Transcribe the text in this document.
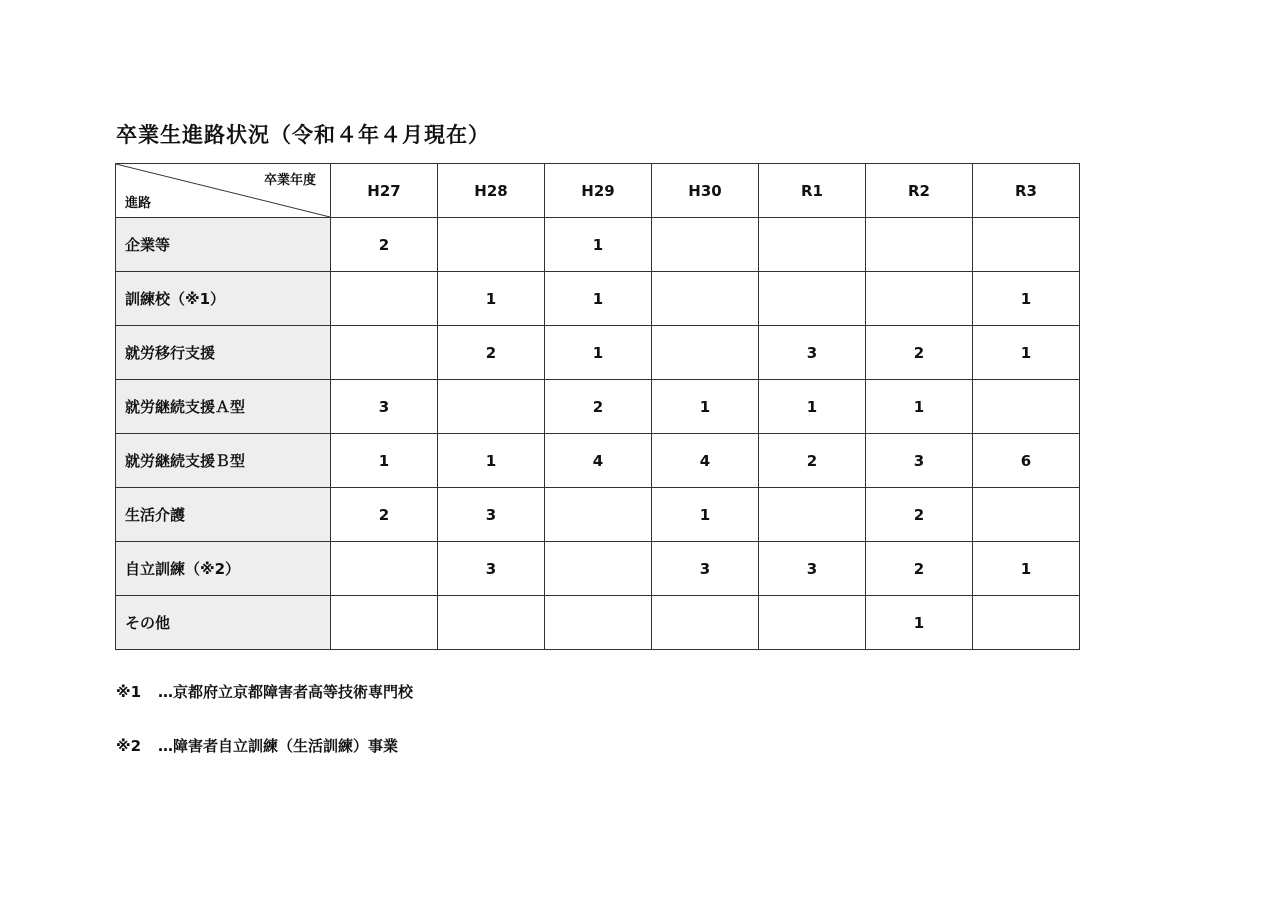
卒業生進路状況（令和４年４月現在）
卒業年度
進路	H27	H28	H29	H30	R1	R2	R3
企業等	2		1				
訓練校（※1）		1	1				1
就労移行支援		2	1		3	2	1
就労継続支援Ａ型	3		2	1	1	1	
就労継続支援Ｂ型	1	1	4	4	2	3	6
生活介護	2	3		1		2	
自立訓練（※2）		3		3	3	2	1
その他						1	
※1 …京都府立京都障害者高等技術専門校
※2 …障害者自立訓練（生活訓練）事業
